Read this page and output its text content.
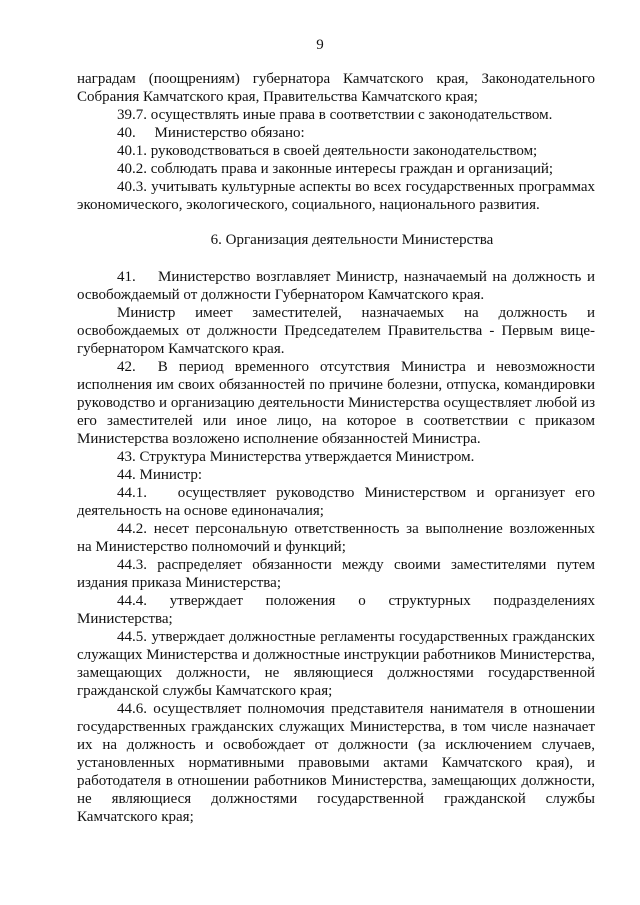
9

наградам (поощрениям) губернатора Камчатского края, Законодательного Собрания Камчатского края, Правительства Камчатского края;

39.7. осуществлять иные права в соответствии с законодательством.

40.     Министерство обязано:

40.1. руководствоваться в своей деятельности законодательством;

40.2. соблюдать права и законные интересы граждан и организаций;

40.3. учитывать культурные аспекты во всех государственных программах экономического, экологического, социального, национального развития.

6. Организация деятельности Министерства

41.    Министерство возглавляет Министр, назначаемый на должность и освобождаемый от должности Губернатором Камчатского края.

Министр имеет заместителей, назначаемых на должность и освобождаемых от должности Председателем Правительства - Первым вице-губернатором Камчатского края.

42.  В период временного отсутствия Министра и невозможности исполнения им своих обязанностей по причине болезни, отпуска, командировки руководство и организацию деятельности Министерства осуществляет любой из его заместителей или иное лицо, на которое в соответствии с приказом Министерства возложено исполнение обязанностей Министра.

43. Структура Министерства утверждается Министром.

44. Министр:

44.1.   осуществляет руководство Министерством и организует его деятельность на основе единоначалия;

44.2. несет персональную ответственность за выполнение возложенных на Министерство полномочий и функций;

44.3. распределяет обязанности между своими заместителями путем издания приказа Министерства;

44.4. утверждает положения о структурных подразделениях Министерства;

44.5. утверждает должностные регламенты государственных гражданских служащих Министерства и должностные инструкции работников Министерства, замещающих должности, не являющиеся должностями государственной гражданской службы Камчатского края;

44.6. осуществляет полномочия представителя нанимателя в отношении государственных гражданских служащих Министерства, в том числе назначает их на должность и освобождает от должности (за исключением случаев, установленных нормативными правовыми актами Камчатского края), и работодателя в отношении работников Министерства, замещающих должности, не являющиеся должностями государственной гражданской службы Камчатского края;
